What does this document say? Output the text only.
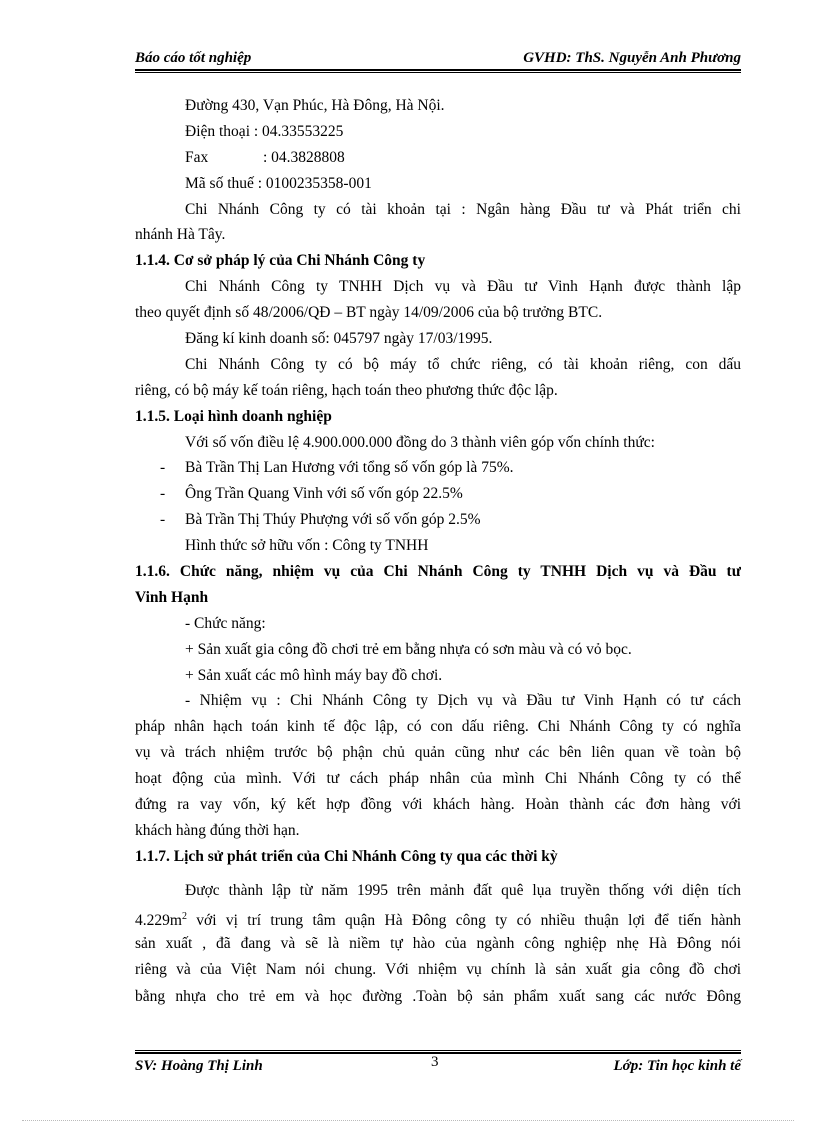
Báo cáo tốt nghiệp	GVHD: ThS. Nguyễn Anh Phương
Đường 430, Vạn Phúc, Hà Đông, Hà Nội.
Điện thoại : 04.33553225
Fax	: 04.3828808
Mã số thuế : 0100235358-001
Chi Nhánh Công ty có tài khoản tại : Ngân hàng Đầu tư và Phát triển chi
nhánh Hà Tây.
1.1.4. Cơ sở pháp lý của Chi Nhánh Công ty
Chi Nhánh Công ty TNHH Dịch vụ và Đầu tư Vinh Hạnh được thành lập
theo quyết định số 48/2006/QĐ – BT ngày 14/09/2006 của bộ trưởng BTC.
Đăng kí kinh doanh số: 045797 ngày 17/03/1995.
Chi Nhánh Công ty có bộ máy tổ chức riêng, có tài khoản riêng, con dấu
riêng, có bộ máy kế toán riêng, hạch toán theo phương thức độc lập.
1.1.5. Loại hình doanh nghiệp
Với số vốn điều lệ 4.900.000.000 đồng do 3 thành viên góp vốn chính thức:
- Bà Trần Thị Lan Hương với tổng số vốn góp là 75%.
- Ông Trần Quang Vinh với số vốn góp 22.5%
- Bà Trần Thị Thúy Phượng với số vốn góp 2.5%
Hình thức sở hữu vốn : Công ty TNHH
1.1.6. Chức năng, nhiệm vụ của Chi Nhánh Công ty TNHH Dịch vụ và Đầu tư
Vinh Hạnh
- Chức năng:
+ Sản xuất gia công đồ chơi trẻ em bằng nhựa có sơn màu và có vỏ bọc.
+ Sản xuất các mô hình máy bay đồ chơi.
- Nhiệm vụ : Chi Nhánh Công ty Dịch vụ và Đầu tư Vinh Hạnh có tư cách
pháp nhân hạch toán kinh tế độc lập, có con dấu riêng. Chi Nhánh Công ty có nghĩa
vụ và trách nhiệm trước bộ phận chủ quản cũng như các bên liên quan về toàn bộ
hoạt động của mình. Với tư cách pháp nhân của mình Chi Nhánh Công ty có thể
đứng ra vay vốn, ký kết hợp đồng với khách hàng. Hoàn thành các đơn hàng với
khách hàng đúng thời hạn.
1.1.7. Lịch sử phát triển của Chi Nhánh Công ty qua các thời kỳ
Được thành lập từ năm 1995 trên mảnh đất quê lụa truyền thống với diện tích
$4.229m^2$ với vị trí trung tâm quận Hà Đông công ty có nhiều thuận lợi để tiến hành
sản xuất , đã đang và sẽ là niềm tự hào của ngành công nghiệp nhẹ Hà Đông nói
riêng và của Việt Nam nói chung. Với nhiệm vụ chính là sản xuất gia công đồ chơi
bằng nhựa cho trẻ em và học đường .Toàn bộ sản phẩm xuất sang các nước Đông
SV: Hoàng Thị Linh	3	Lớp: Tin học kinh tế
